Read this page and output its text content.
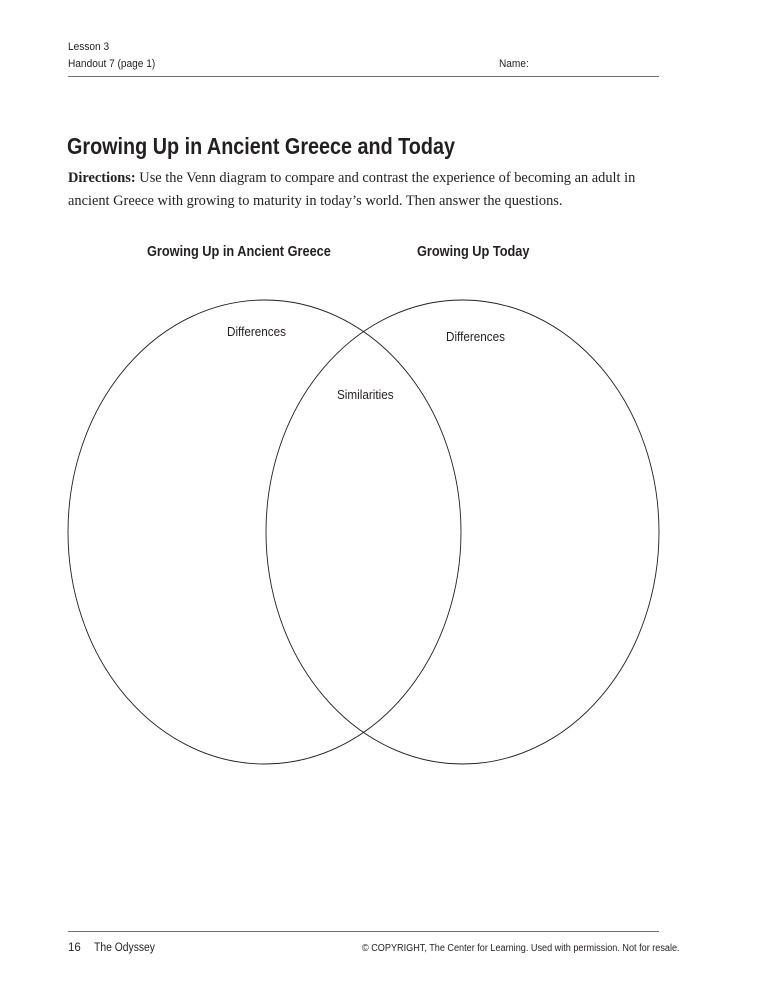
Lesson 3
Handout 7 (page 1)	Name:
Growing Up in Ancient Greece and Today

Directions: Use the Venn diagram to compare and contrast the experience of becoming an adult in ancient Greece with growing to maturity in today’s world. Then answer the questions.

Growing Up in Ancient Greece	Growing Up Today
Differences	Differences
Similarities
16 The Odyssey	© COPYRIGHT, The Center for Learning. Used with permission. Not for resale.
